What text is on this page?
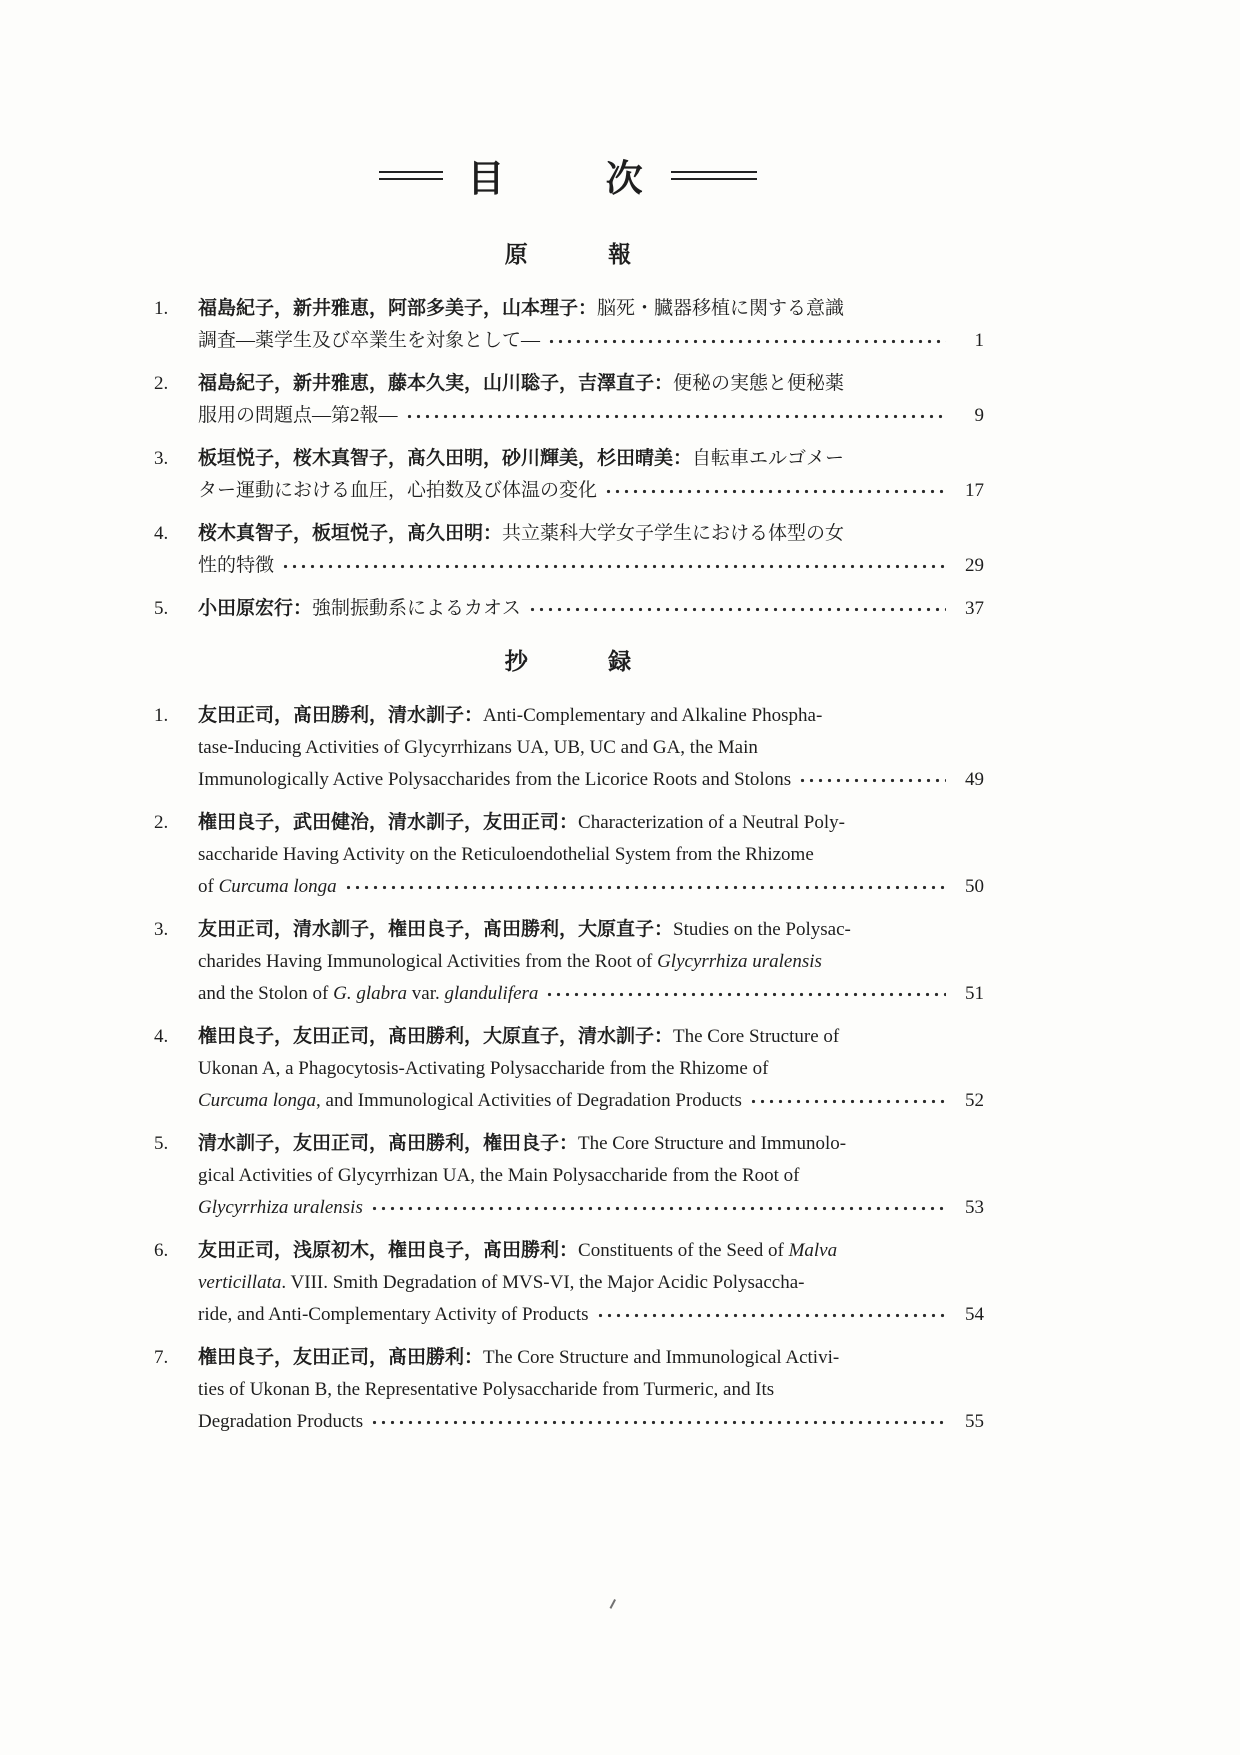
目 次
原 報
1. 福島紀子，新井雅恵，阿部多美子，山本理子：脳死・臓器移植に関する意識
調査―薬学生及び卒業生を対象として―	1
2. 福島紀子，新井雅恵，藤本久実，山川聡子，吉澤直子：便秘の実態と便秘薬
服用の問題点―第2報―	9
3. 板垣悦子，桜木真智子，髙久田明，砂川輝美，杉田晴美：自転車エルゴメー
ター運動における血圧，心拍数及び体温の変化	17
4. 桜木真智子，板垣悦子，髙久田明：共立薬科大学女子学生における体型の女
性的特徴	29
5. 小田原宏行：強制振動系によるカオス	37
抄 録
1. 友田正司，髙田勝利，清水訓子：Anti-Complementary and Alkaline Phospha-
tase-Inducing Activities of Glycyrrhizans UA, UB, UC and GA, the Main
Immunologically Active Polysaccharides from the Licorice Roots and Stolons	49
2. 権田良子，武田健治，清水訓子，友田正司：Characterization of a Neutral Poly-
saccharide Having Activity on the Reticuloendothelial System from the Rhizome
of Curcuma longa	50
3. 友田正司，清水訓子，権田良子，髙田勝利，大原直子：Studies on the Polysac-
charides Having Immunological Activities from the Root of Glycyrrhiza uralensis
and the Stolon of G. glabra var. glandulifera	51
4. 権田良子，友田正司，髙田勝利，大原直子，清水訓子：The Core Structure of
Ukonan A, a Phagocytosis-Activating Polysaccharide from the Rhizome of
Curcuma longa, and Immunological Activities of Degradation Products	52
5. 清水訓子，友田正司，髙田勝利，権田良子：The Core Structure and Immunolo-
gical Activities of Glycyrrhizan UA, the Main Polysaccharide from the Root of
Glycyrrhiza uralensis	53
6. 友田正司，浅原初木，権田良子，髙田勝利：Constituents of the Seed of Malva
verticillata. VIII. Smith Degradation of MVS-VI, the Major Acidic Polysaccha-
ride, and Anti-Complementary Activity of Products	54
7. 権田良子，友田正司，髙田勝利：The Core Structure and Immunological Activi-
ties of Ukonan B, the Representative Polysaccharide from Turmeric, and Its
Degradation Products	55
